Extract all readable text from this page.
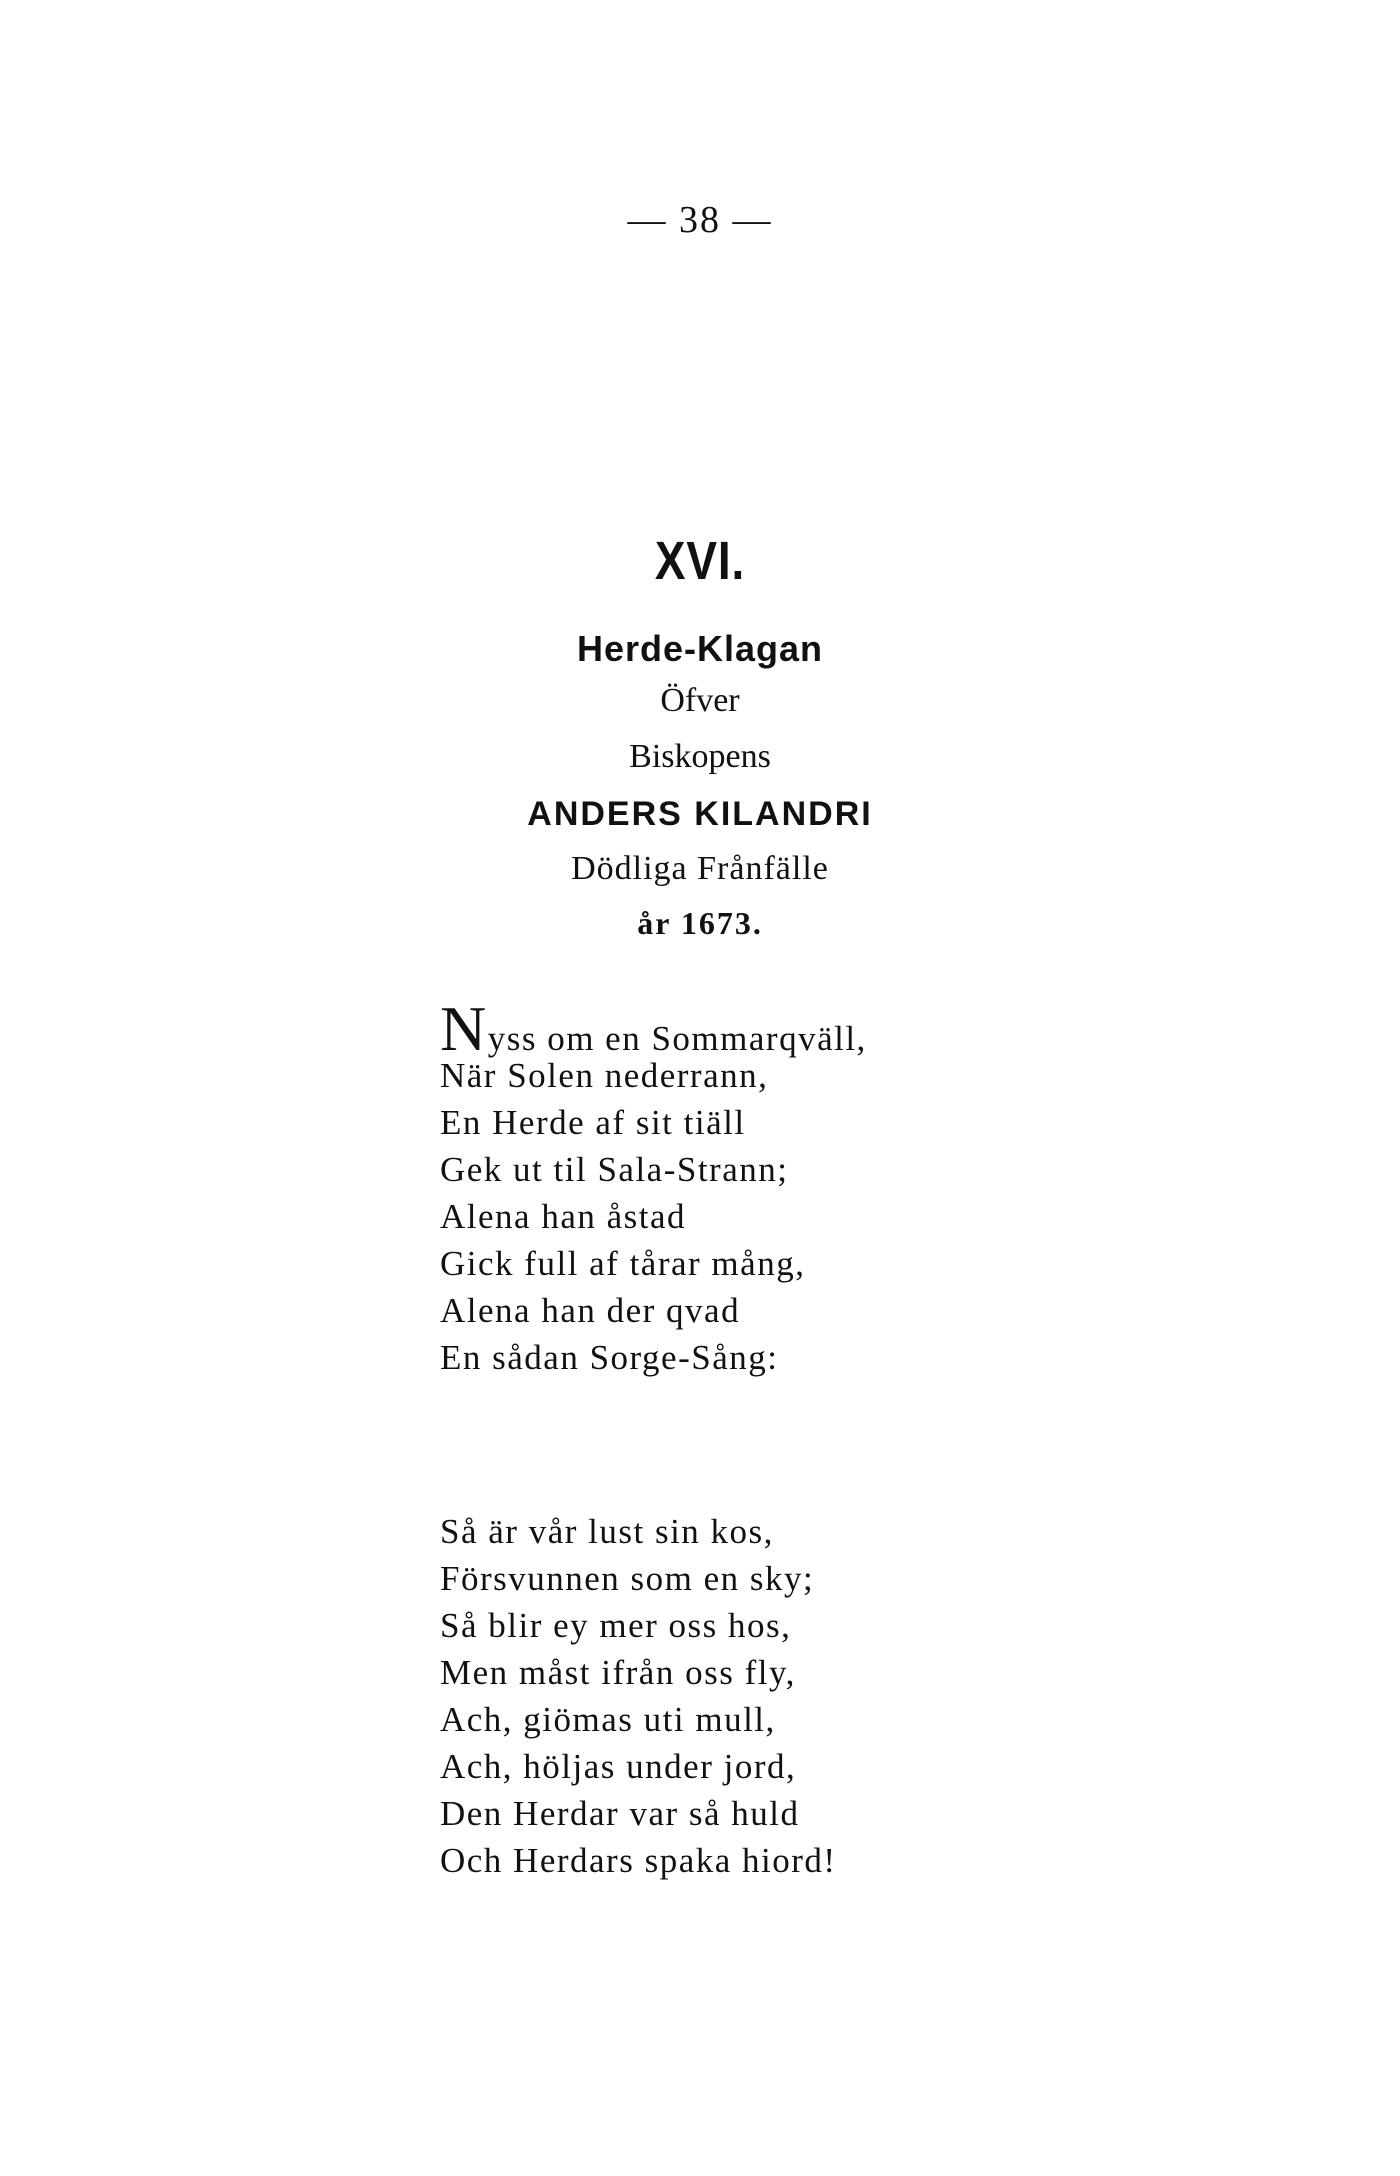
— 38 —
XVI.
Herde-Klagan
Öfver
Biskopens
ANDERS KILANDRI
Dödliga Frånfälle
år 1673.
Nyss om en Sommarqväll,
När Solen nederrann,
En Herde af sit tiäll
Gek ut til Sala-Strann;
Alena han åstad
Gick full af tårar mång,
Alena han der qvad
En sådan Sorge-Sång:
Så är vår lust sin kos,
Försvunnen som en sky;
Så blir ey mer oss hos,
Men måst ifrån oss fly,
Ach, giömas uti mull,
Ach, höljas under jord,
Den Herdar var så huld
Och Herdars spaka hiord!
